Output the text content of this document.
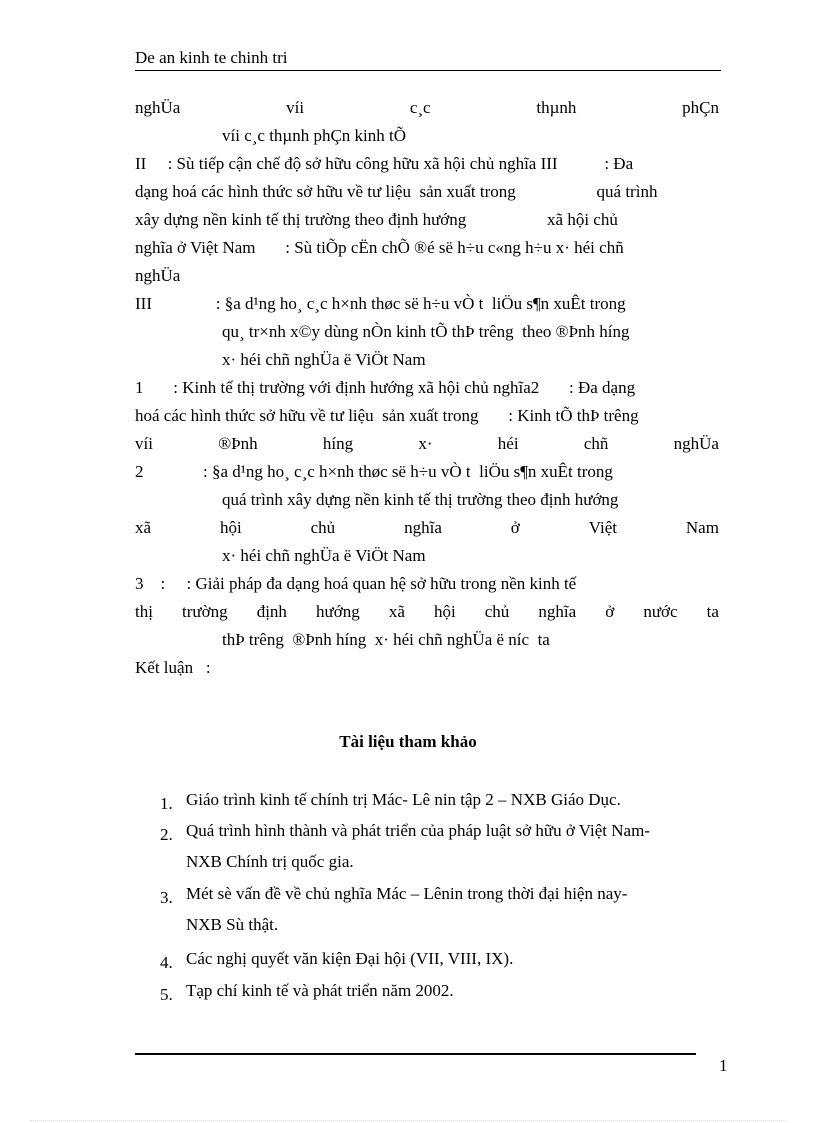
De an kinh te chinh tri
nghÜa	víi	c¸c	thµnh	phÇn
víi c¸c thµnh phÇn kinh tÕ
II     : Sù tiếp cận chế độ sở hữu công hữu xã hội chủ nghĩa III           : Đa
dạng hoá các hình thức sở hữu về tư liệu  sản xuất trong                   quá trình
xây dựng nền kinh tế thị trường theo định hướng                   xã hội chủ
nghĩa ở Việt Nam       : Sù tiÕp cËn chÕ ®é së h÷u c«ng h÷u x· héi chñ
nghÜa
III               : §a d¹ng ho¸ c¸c h×nh thøc së h÷u vÒ t  liÖu s¶n xuÊt trong
qu¸ tr×nh x©y dùng nÒn kinh tÕ thÞ trêng  theo ®Þnh híng
x· héi chñ nghÜa ë ViÖt Nam
1       : Kinh tế thị trường với định hướng xã hội chủ nghĩa2       : Đa dạng
hoá các hình thức sở hữu về tư liệu  sản xuất trong       : Kinh tÕ thÞ trêng
víi	®Þnh	híng	x·	héi	chñ	nghÜa
2              : §a d¹ng ho¸ c¸c h×nh thøc së h÷u vÒ t  liÖu s¶n xuÊt trong
quá trình xây dựng nền kinh tế thị trường theo định hướng
xã	hội	chủ	nghĩa	ở	Việt	Nam
x· héi chñ nghÜa ë ViÖt Nam
3    :     : Giải pháp đa dạng hoá quan hệ sở hữu trong nền kinh tế
thị trường định hướng xã hội chủ nghĩa ở nước ta
thÞ trêng  ®Þnh híng  x· héi chñ nghÜa ë níc  ta
Kết luận   :
Tài liệu tham khảo
1. Giáo trình kinh tế chính trị Mác- Lê nin tập 2 – NXB Giáo Dục.
2. Quá trình hình thành và phát triển của pháp luật sở hữu ở Việt Nam-
NXB Chính trị quốc gia.
3. Mét sè vấn đề về chủ nghĩa Mác – Lênin trong thời đại hiện nay-
NXB Sù thật.
4. Các nghị quyết văn kiện Đại hội (VII, VIII, IX).
5. Tạp chí kinh tế và phát triển năm 2002.
1
